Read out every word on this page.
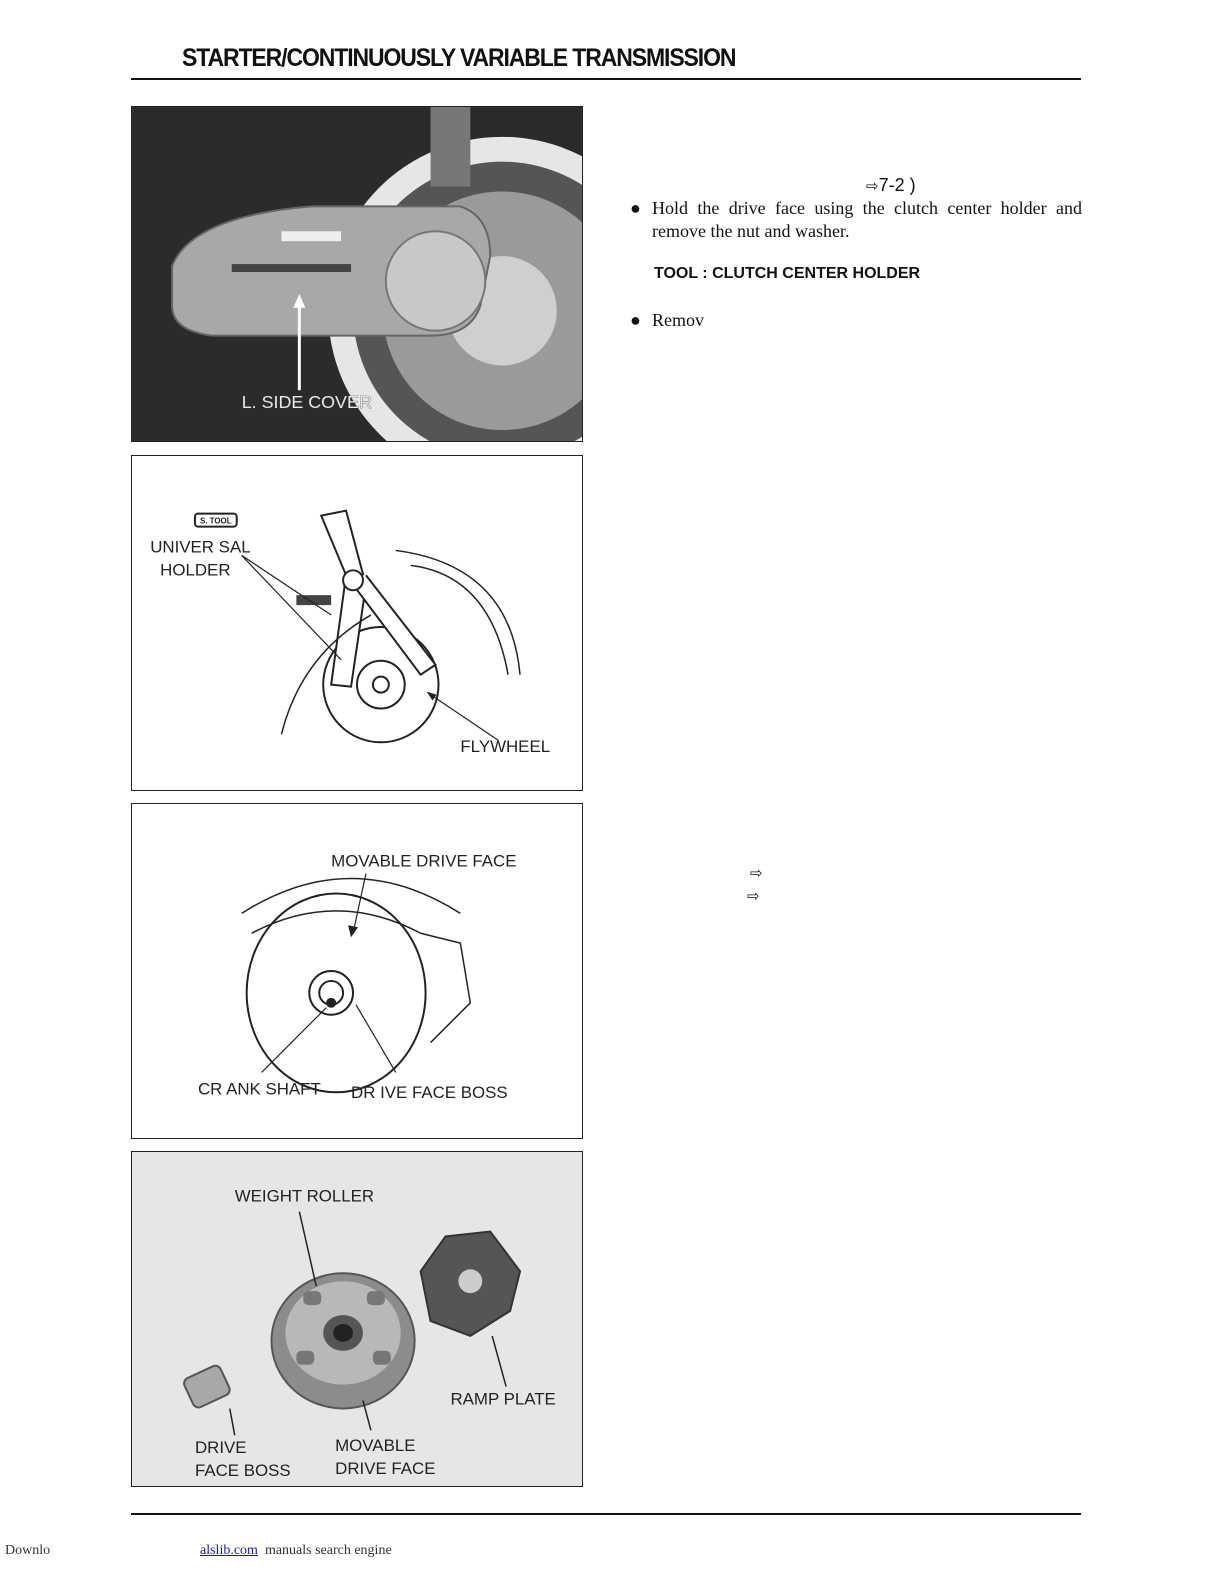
STARTER/CONTINUOUSLY VARIABLE TRANSMISSION
L. SIDE COVER
S. TOOL
UNIVER SAL
HOLDER
FLYWHEEL
MOVABLE DRIVE FACE
CR ANK SHAFT DR IVE FACE BOSS
WEIGHT ROLLER
RAMP PLATE
DRIVE
FACE BOSS
MOVABLE
DRIVE FACE
⇨7-2 )
● Hold the drive face using the clutch center holder and remove the nut and washer.
TOOL : CLUTCH CENTER HOLDER
● Remov
⇨
⇨
Downlo	alslib.com manuals search engine
